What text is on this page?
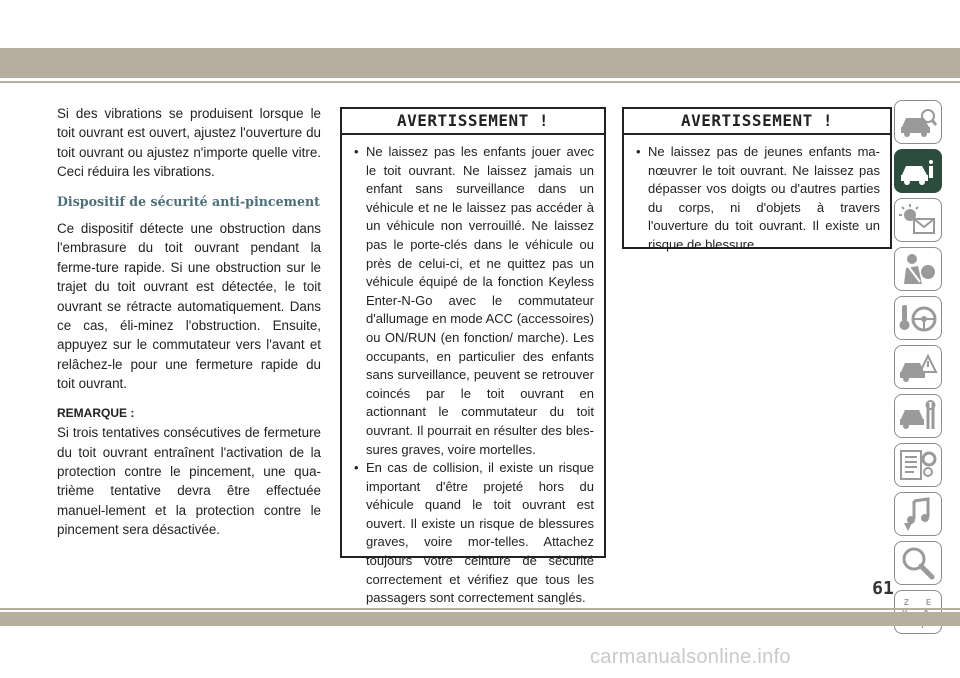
Si des vibrations se produisent lorsque le toit ouvrant est ouvert, ajustez l'ouverture du toit ouvrant ou ajustez n'importe quelle vitre. Ceci réduira les vibrations.

Dispositif de sécurité anti-pincement

Ce dispositif détecte une obstruction dans l'embrasure du toit ouvrant pendant la ferme-ture rapide. Si une obstruction sur le trajet du toit ouvrant est détectée, le toit ouvrant se rétracte automatiquement. Dans ce cas, éli-minez l'obstruction. Ensuite, appuyez sur le commutateur vers l'avant et relâchez-le pour une fermeture rapide du toit ouvrant.

REMARQUE :

Si trois tentatives consécutives de fermeture du toit ouvrant entraînent l'activation de la protection contre le pincement, une qua-trième tentative devra être effectuée manuel-lement et la protection contre le pincement sera désactivée.

AVERTISSEMENT !
• Ne laissez pas les enfants jouer avec le toit ouvrant. Ne laissez jamais un enfant sans surveillance dans un véhicule et ne le laissez pas accéder à un véhicule non verrouillé. Ne laissez pas le porte-clés dans le véhicule ou près de celui-ci, et ne quittez pas un véhicule équipé de la fonction Keyless Enter-N-Go avec le commutateur d'allumage en mode ACC (accessoires) ou ON/RUN (en fonction/ marche). Les occupants, en particulier des enfants sans surveillance, peuvent se retrouver coincés par le toit ouvrant en actionnant le commutateur du toit ouvrant. Il pourrait en résulter des bles-sures graves, voire mortelles.
• En cas de collision, il existe un risque important d'être projeté hors du véhicule quand le toit ouvrant est ouvert. Il existe un risque de blessures graves, voire mor-telles. Attachez toujours votre ceinture de sécurité correctement et vérifiez que tous les passagers sont correctement sanglés.
AVERTISSEMENT !
• Ne laissez pas de jeunes enfants ma-nœuvrer le toit ouvrant. Ne laissez pas dépasser vos doigts ou d'autres parties du corps, ni d'objets à travers l'ouverture du toit ouvrant. Il existe un risque de blessure.
Z E
61
carmanualsonline.info
